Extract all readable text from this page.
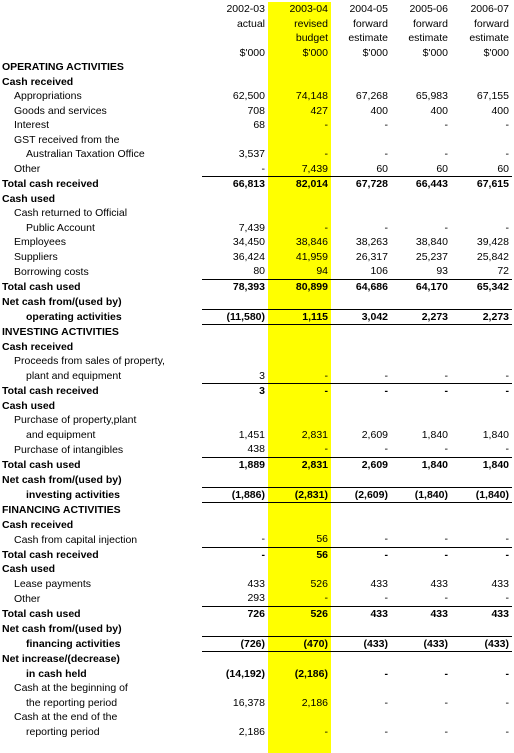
	2002-03	2003-04	2004-05	2005-06	2006-07
	actual	revised	forward	forward	forward
		budget	estimate	estimate	estimate
	$'000	$'000	$'000	$'000	$'000
OPERATING ACTIVITIES					
Cash received					
Appropriations	62,500	74,148	67,268	65,983	67,155
Goods and services	708	427	400	400	400
Interest	68	-	-	-	-
GST received from the					
Australian Taxation Office	3,537	-	-	-	-
Other	-	7,439	60	60	60
Total cash received	66,813	82,014	67,728	66,443	67,615
Cash used					
Cash returned to Official					
Public Account	7,439	-	-	-	-
Employees	34,450	38,846	38,263	38,840	39,428
Suppliers	36,424	41,959	26,317	25,237	25,842
Borrowing costs	80	94	106	93	72
Total cash used	78,393	80,899	64,686	64,170	65,342
Net cash from/(used by)					
operating activities	(11,580)	1,115	3,042	2,273	2,273
INVESTING ACTIVITIES					
Cash received					
Proceeds from sales of property,					
plant and equipment	3	-	-	-	-
Total cash received	3	-	-	-	-
Cash used					
Purchase of property,plant					
and equipment	1,451	2,831	2,609	1,840	1,840
Purchase of intangibles	438	-	-	-	-
Total cash used	1,889	2,831	2,609	1,840	1,840
Net cash from/(used by)					
investing activities	(1,886)	(2,831)	(2,609)	(1,840)	(1,840)
FINANCING ACTIVITIES					
Cash received					
Cash from capital injection	-	56	-	-	-
Total cash received	-	56	-	-	-
Cash used					
Lease payments	433	526	433	433	433
Other	293	-	-	-	-
Total cash used	726	526	433	433	433
Net cash from/(used by)					
financing activities	(726)	(470)	(433)	(433)	(433)
Net increase/(decrease)					
in cash held	(14,192)	(2,186)	-	-	-
Cash at the beginning of					
the reporting period	16,378	2,186	-	-	-
Cash at the end of the					
reporting period	2,186	-	-	-	-
